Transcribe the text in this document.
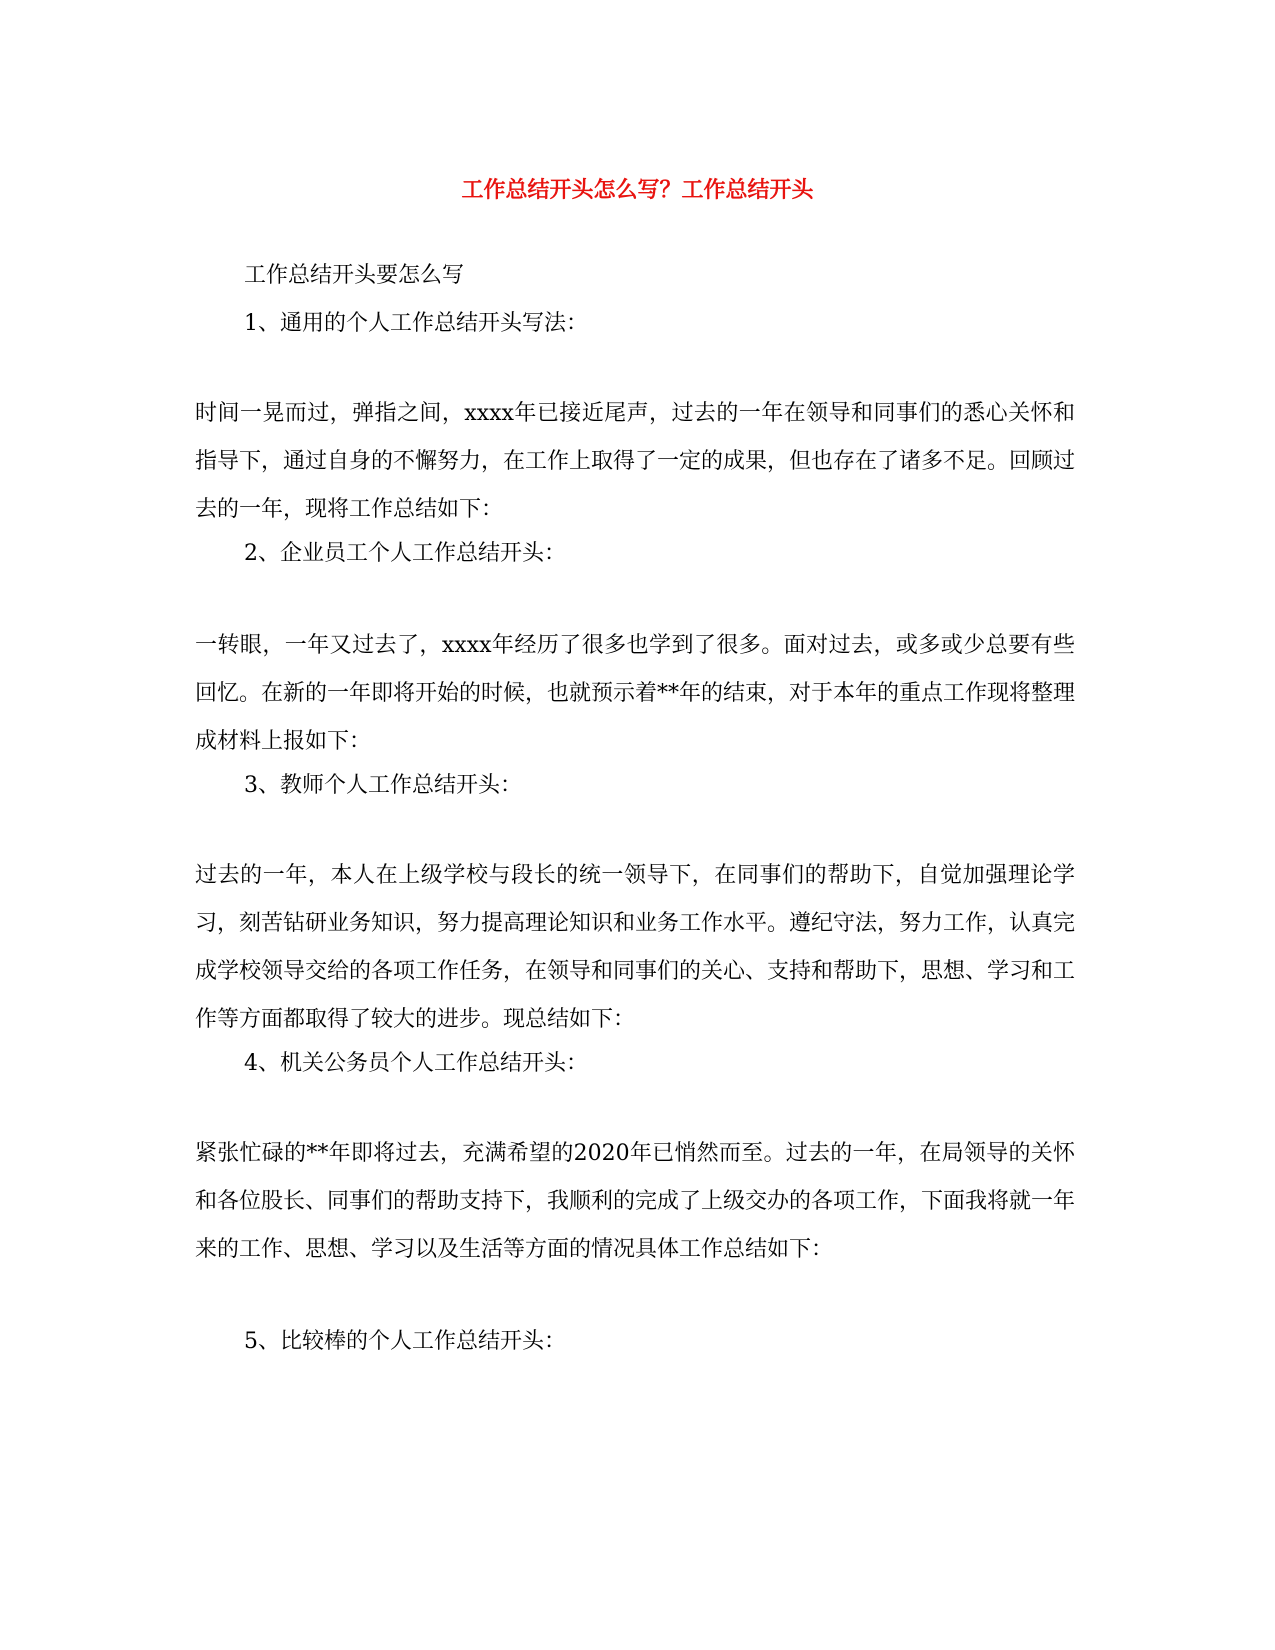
工作总结开头怎么写？工作总结开头
工作总结开头要怎么写
1、通用的个人工作总结开头写法：
时间一晃而过，弹指之间，xxxx年已接近尾声，过去的一年在领导和同事们的悉心关怀和指导下，通过自身的不懈努力，在工作上取得了一定的成果，但也存在了诸多不足。回顾过去的一年，现将工作总结如下：
2、企业员工个人工作总结开头：
一转眼，一年又过去了，xxxx年经历了很多也学到了很多。面对过去，或多或少总要有些回忆。在新的一年即将开始的时候，也就预示着**年的结束，对于本年的重点工作现将整理成材料上报如下：
3、教师个人工作总结开头：
过去的一年，本人在上级学校与段长的统一领导下，在同事们的帮助下，自觉加强理论学习，刻苦钻研业务知识，努力提高理论知识和业务工作水平。遵纪守法，努力工作，认真完成学校领导交给的各项工作任务，在领导和同事们的关心、支持和帮助下，思想、学习和工作等方面都取得了较大的进步。现总结如下：
4、机关公务员个人工作总结开头：
紧张忙碌的**年即将过去，充满希望的2020年已悄然而至。过去的一年，在局领导的关怀和各位股长、同事们的帮助支持下，我顺利的完成了上级交办的各项工作，下面我将就一年来的工作、思想、学习以及生活等方面的情况具体工作总结如下：
5、比较棒的个人工作总结开头：
